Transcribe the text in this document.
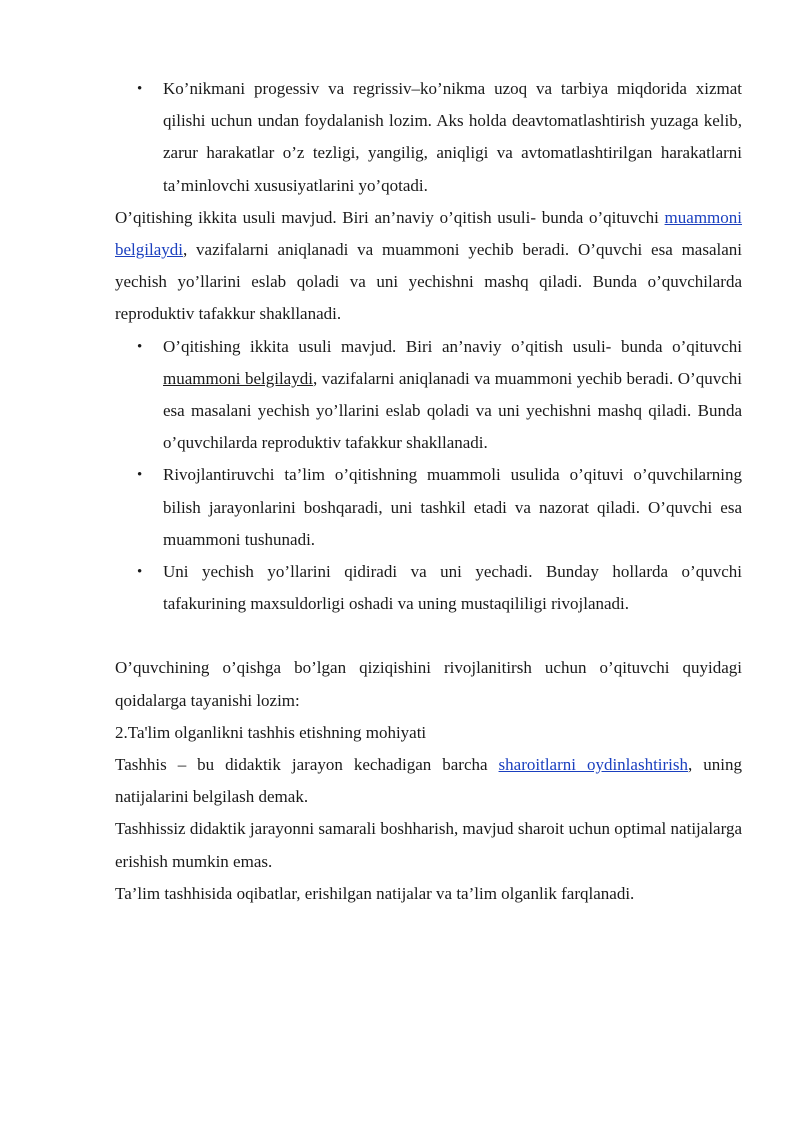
• Ko’nikmani progessiv va regrissiv–ko’nikma uzoq va tarbiya miqdorida xizmat qilishi uchun undan foydalanish lozim. Aks holda deavtomatlashtirish yuzaga kelib, zarur harakatlar o’z tezligi, yangilig, aniqligi va avtomatlashtirilgan harakatlarni ta’minlovchi xususiyatlarini yo’qotadi.

O’qitishing ikkita usuli mavjud. Biri an’naviy o’qitish usuli- bunda o’qituvchi muammoni belgilaydi, vazifalarni aniqlanadi va muammoni yechib beradi. O’quvchi esa masalani yechish yo’llarini eslab qoladi va uni yechishni mashq qiladi. Bunda o’quvchilarda reproduktiv tafakkur shakllanadi.

• O’qitishing ikkita usuli mavjud. Biri an’naviy o’qitish usuli- bunda o’qituvchi muammoni belgilaydi, vazifalarni aniqlanadi va muammoni yechib beradi. O’quvchi esa masalani yechish yo’llarini eslab qoladi va uni yechishni mashq qiladi. Bunda o’quvchilarda reproduktiv tafakkur shakllanadi.
• Rivojlantiruvchi ta’lim o’qitishning muammoli usulida o’qituvi o’quvchilarning bilish jarayonlarini boshqaradi, uni tashkil etadi va nazorat qiladi. O’quvchi esa muammoni tushunadi.
• Uni yechish yo’llarini qidiradi va uni yechadi. Bunday hollarda o’quvchi tafakurining maxsuldorligi oshadi va uning mustaqililigi rivojlanadi.

O’quvchining o’qishga bo’lgan qiziqishini rivojlanitirsh uchun o’qituvchi quyidagi qoidalarga tayanishi lozim:

2.Ta'lim olganlikni tashhis etishning mohiyati

Tashhis – bu didaktik jarayon kechadigan barcha sharoitlarni oydinlashtirish, uning natijalarini belgilash demak.

Tashhissiz didaktik jarayonni samarali boshharish, mavjud sharoit uchun optimal natijalarga erishish mumkin emas.

Ta’lim tashhisida oqibatlar, erishilgan natijalar va ta’lim olganlik farqlanadi.
